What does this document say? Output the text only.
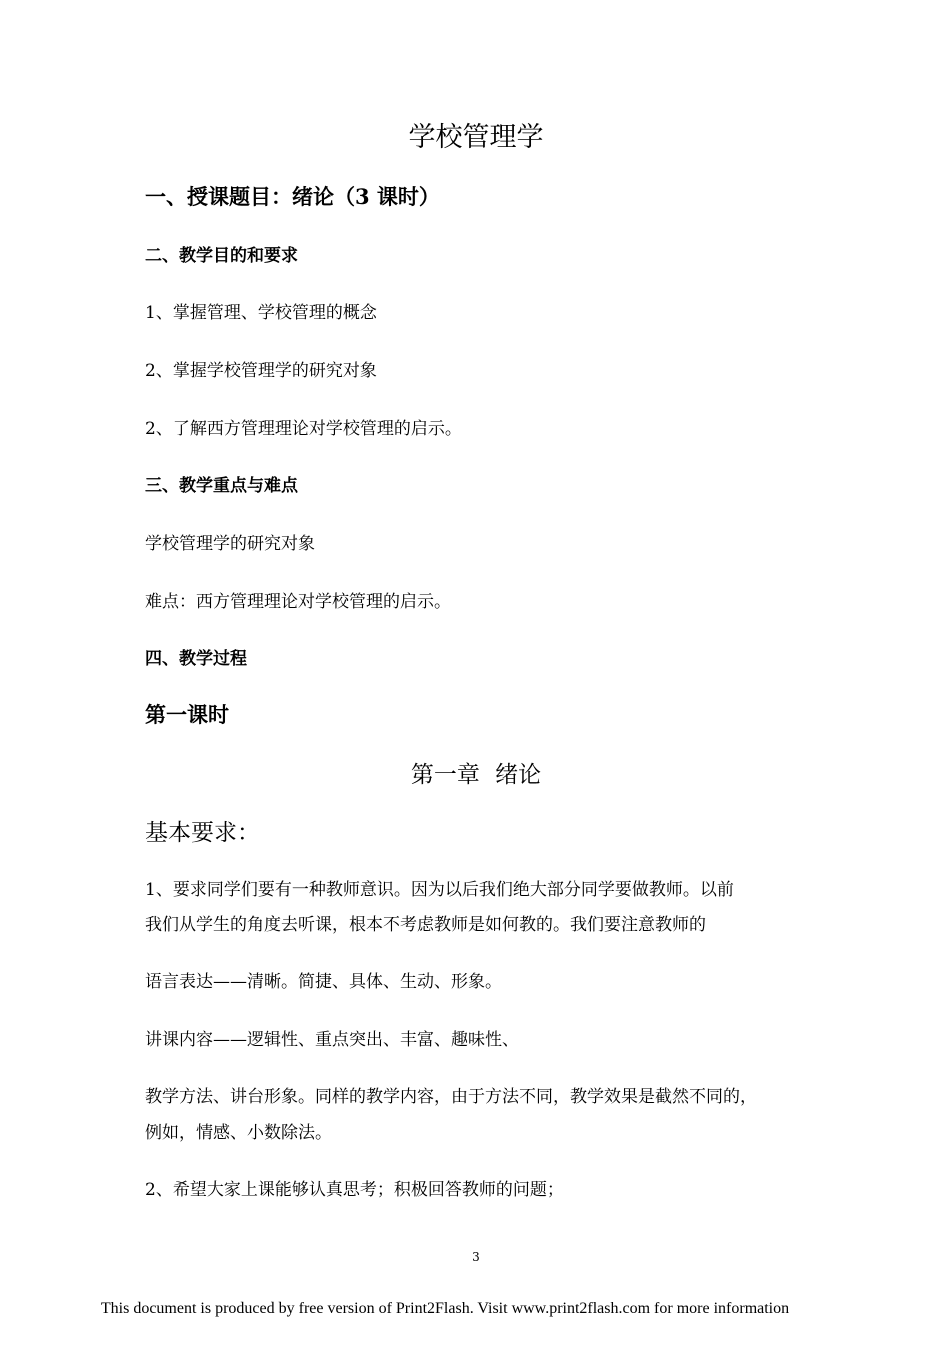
学校管理学
一、授课题目：绪论（3 课时）
二、教学目的和要求
1、掌握管理、学校管理的概念
2、掌握学校管理学的研究对象
2、了解西方管理理论对学校管理的启示。
三、教学重点与难点
学校管理学的研究对象
难点：西方管理理论对学校管理的启示。
四、教学过程
第一课时
第一章 绪论
基本要求：
1、要求同学们要有一种教师意识。因为以后我们绝大部分同学要做教师。以前
我们从学生的角度去听课，根本不考虑教师是如何教的。我们要注意教师的
语言表达——清晰。简捷、具体、生动、形象。
讲课内容——逻辑性、重点突出、丰富、趣味性、
教学方法、讲台形象。同样的教学内容，由于方法不同，教学效果是截然不同的，
例如，情感、小数除法。
2、希望大家上课能够认真思考；积极回答教师的问题；
3
This document is produced by free version of Print2Flash. Visit www.print2flash.com for more information
